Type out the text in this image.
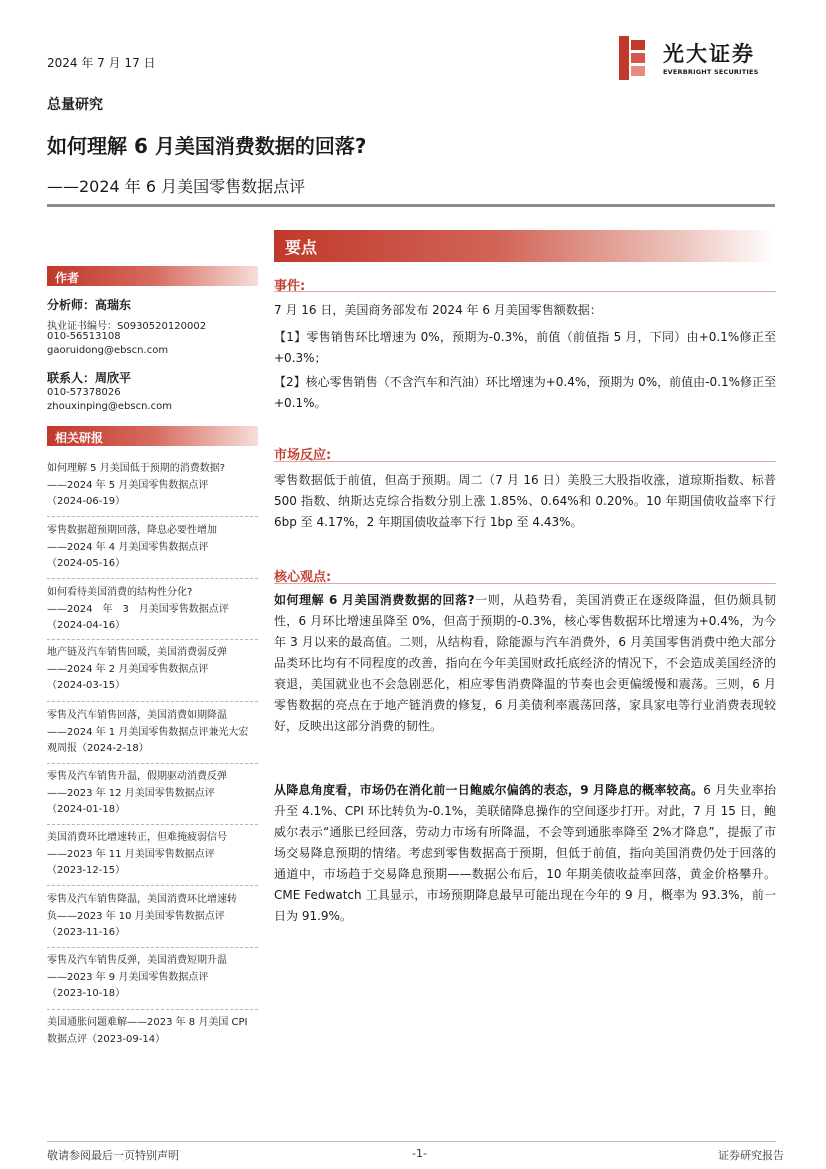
2024 年 7 月 17 日	光大证券
EVERBRIGHT SECURITIES
总量研究
如何理解 6 月美国消费数据的回落?
——2024 年 6 月美国零售数据点评
作者
分析师：高瑞东
执业证书编号：S0930520120002
010-56513108
gaoruidong@ebscn.com
联系人：周欣平
010-57378026
zhouxinping@ebscn.com
相关研报

如何理解 5 月美国低于预期的消费数据?

——2024 年 5 月美国零售数据点评

（2024-06-19）

零售数据超预期回落，降息必要性增加

——2024 年 4 月美国零售数据点评

（2024-05-16）

如何看待美国消费的结构性分化?

——2024　年　3　月美国零售数据点评

（2024-04-16）

地产链及汽车销售回暖，美国消费弱反弹

——2024 年 2 月美国零售数据点评

（2024-03-15）

零售及汽车销售回落，美国消费如期降温

——2024 年 1 月美国零售数据点评兼光大宏

观周报（2024-2-18）

零售及汽车销售升温，假期驱动消费反弹

——2023 年 12 月美国零售数据点评

（2024-01-18）

美国消费环比增速转正，但难掩疲弱信号

——2023 年 11 月美国零售数据点评

（2023-12-15）

零售及汽车销售降温，美国消费环比增速转

负——2023 年 10 月美国零售数据点评

（2023-11-16）

零售及汽车销售反弹，美国消费短期升温

——2023 年 9 月美国零售数据点评

（2023-10-18）

美国通胀问题难解——2023 年 8 月美国 CPI

数据点评（2023-09-14）

要点
事件:
7 月 16 日，美国商务部发布 2024 年 6 月美国零售额数据：
【1】零售销售环比增速为 0%，预期为-0.3%，前值（前值指 5 月，下同）由+0.1%修正至+0.3%；
【2】核心零售销售（不含汽车和汽油）环比增速为+0.4%，预期为 0%，前值由-0.1%修正至+0.1%。
市场反应:
零售数据低于前值，但高于预期。周二（7 月 16 日）美股三大股指收涨，道琼斯指数、标普 500 指数、纳斯达克综合指数分别上涨 1.85%、0.64%和 0.20%。10 年期国债收益率下行 6bp 至 4.17%，2 年期国债收益率下行 1bp 至 4.43%。
核心观点:
如何理解 6 月美国消费数据的回落?一则，从趋势看，美国消费正在逐级降温，但仍颇具韧性，6 月环比增速虽降至 0%，但高于预期的-0.3%，核心零售数据环比增速为+0.4%，为今年 3 月以来的最高值。二则，从结构看，除能源与汽车消费外，6 月美国零售消费中绝大部分品类环比均有不同程度的改善，指向在今年美国财政托底经济的情况下，不会造成美国经济的衰退，美国就业也不会急剧恶化，相应零售消费降温的节奏也会更偏缓慢和震荡。三则，6 月零售数据的亮点在于地产链消费的修复，6 月美债利率震荡回落，家具家电等行业消费表现较好，反映出这部分消费的韧性。
从降息角度看，市场仍在消化前一日鲍威尔偏鸽的表态，9 月降息的概率较高。6 月失业率抬升至 4.1%、CPI 环比转负为-0.1%，美联储降息操作的空间逐步打开。对此，7 月 15 日，鲍威尔表示“通胀已经回落，劳动力市场有所降温，不会等到通胀率降至 2%才降息”，提振了市场交易降息预期的情绪。考虑到零售数据高于预期，但低于前值，指向美国消费仍处于回落的通道中，市场趋于交易降息预期——数据公布后，10 年期美债收益率回落，黄金价格攀升。CME Fedwatch 工具显示，市场预期降息最早可能出现在今年的 9 月，概率为 93.3%，前一日为 91.9%。
敬请参阅最后一页特别声明	-1-	证券研究报告
